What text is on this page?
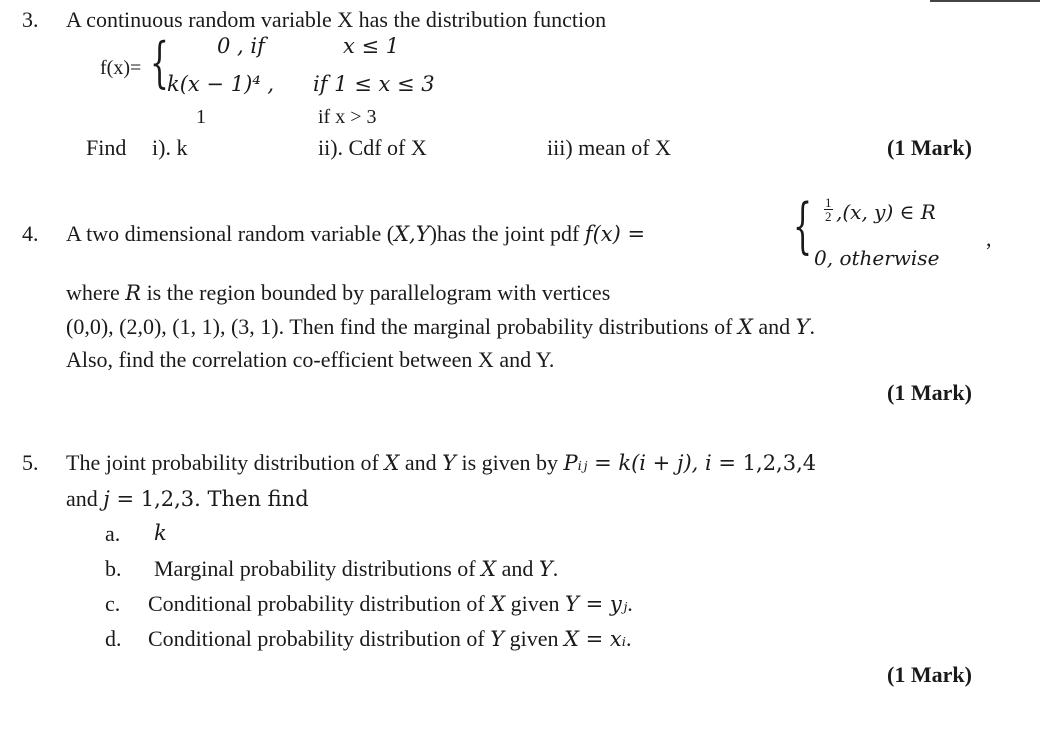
3. A continuous random variable X has the distribution function
f(x)= { 0 , if	x ≤ 1
k(x − 1)⁴ , if 1 ≤ x ≤ 3
1	if x > 3
Find i). k	ii). Cdf of X	iii) mean of X	(1 Mark)
4. A two dimensional random variable (X,Y)has the joint pdf f(x) = { $\frac{1}{2} ,(x$, y) ∈ R
0, otherwise
,
where R is the region bounded by parallelogram with vertices
(0,0), (2,0), (1, 1), (3, 1). Then find the marginal probability distributions of X and Y.
Also, find the correlation co-efficient between X and Y.
(1 Mark)
5. The joint probability distribution of X and Y is given by Pᵢⱼ = k(i + j), i = 1,2,3,4
and j = 1,2,3. Then find
a. k
b. Marginal probability distributions of X and Y.
c. Conditional probability distribution of X given Y = yⱼ.
d. Conditional probability distribution of Y given X = xᵢ.
(1 Mark)
